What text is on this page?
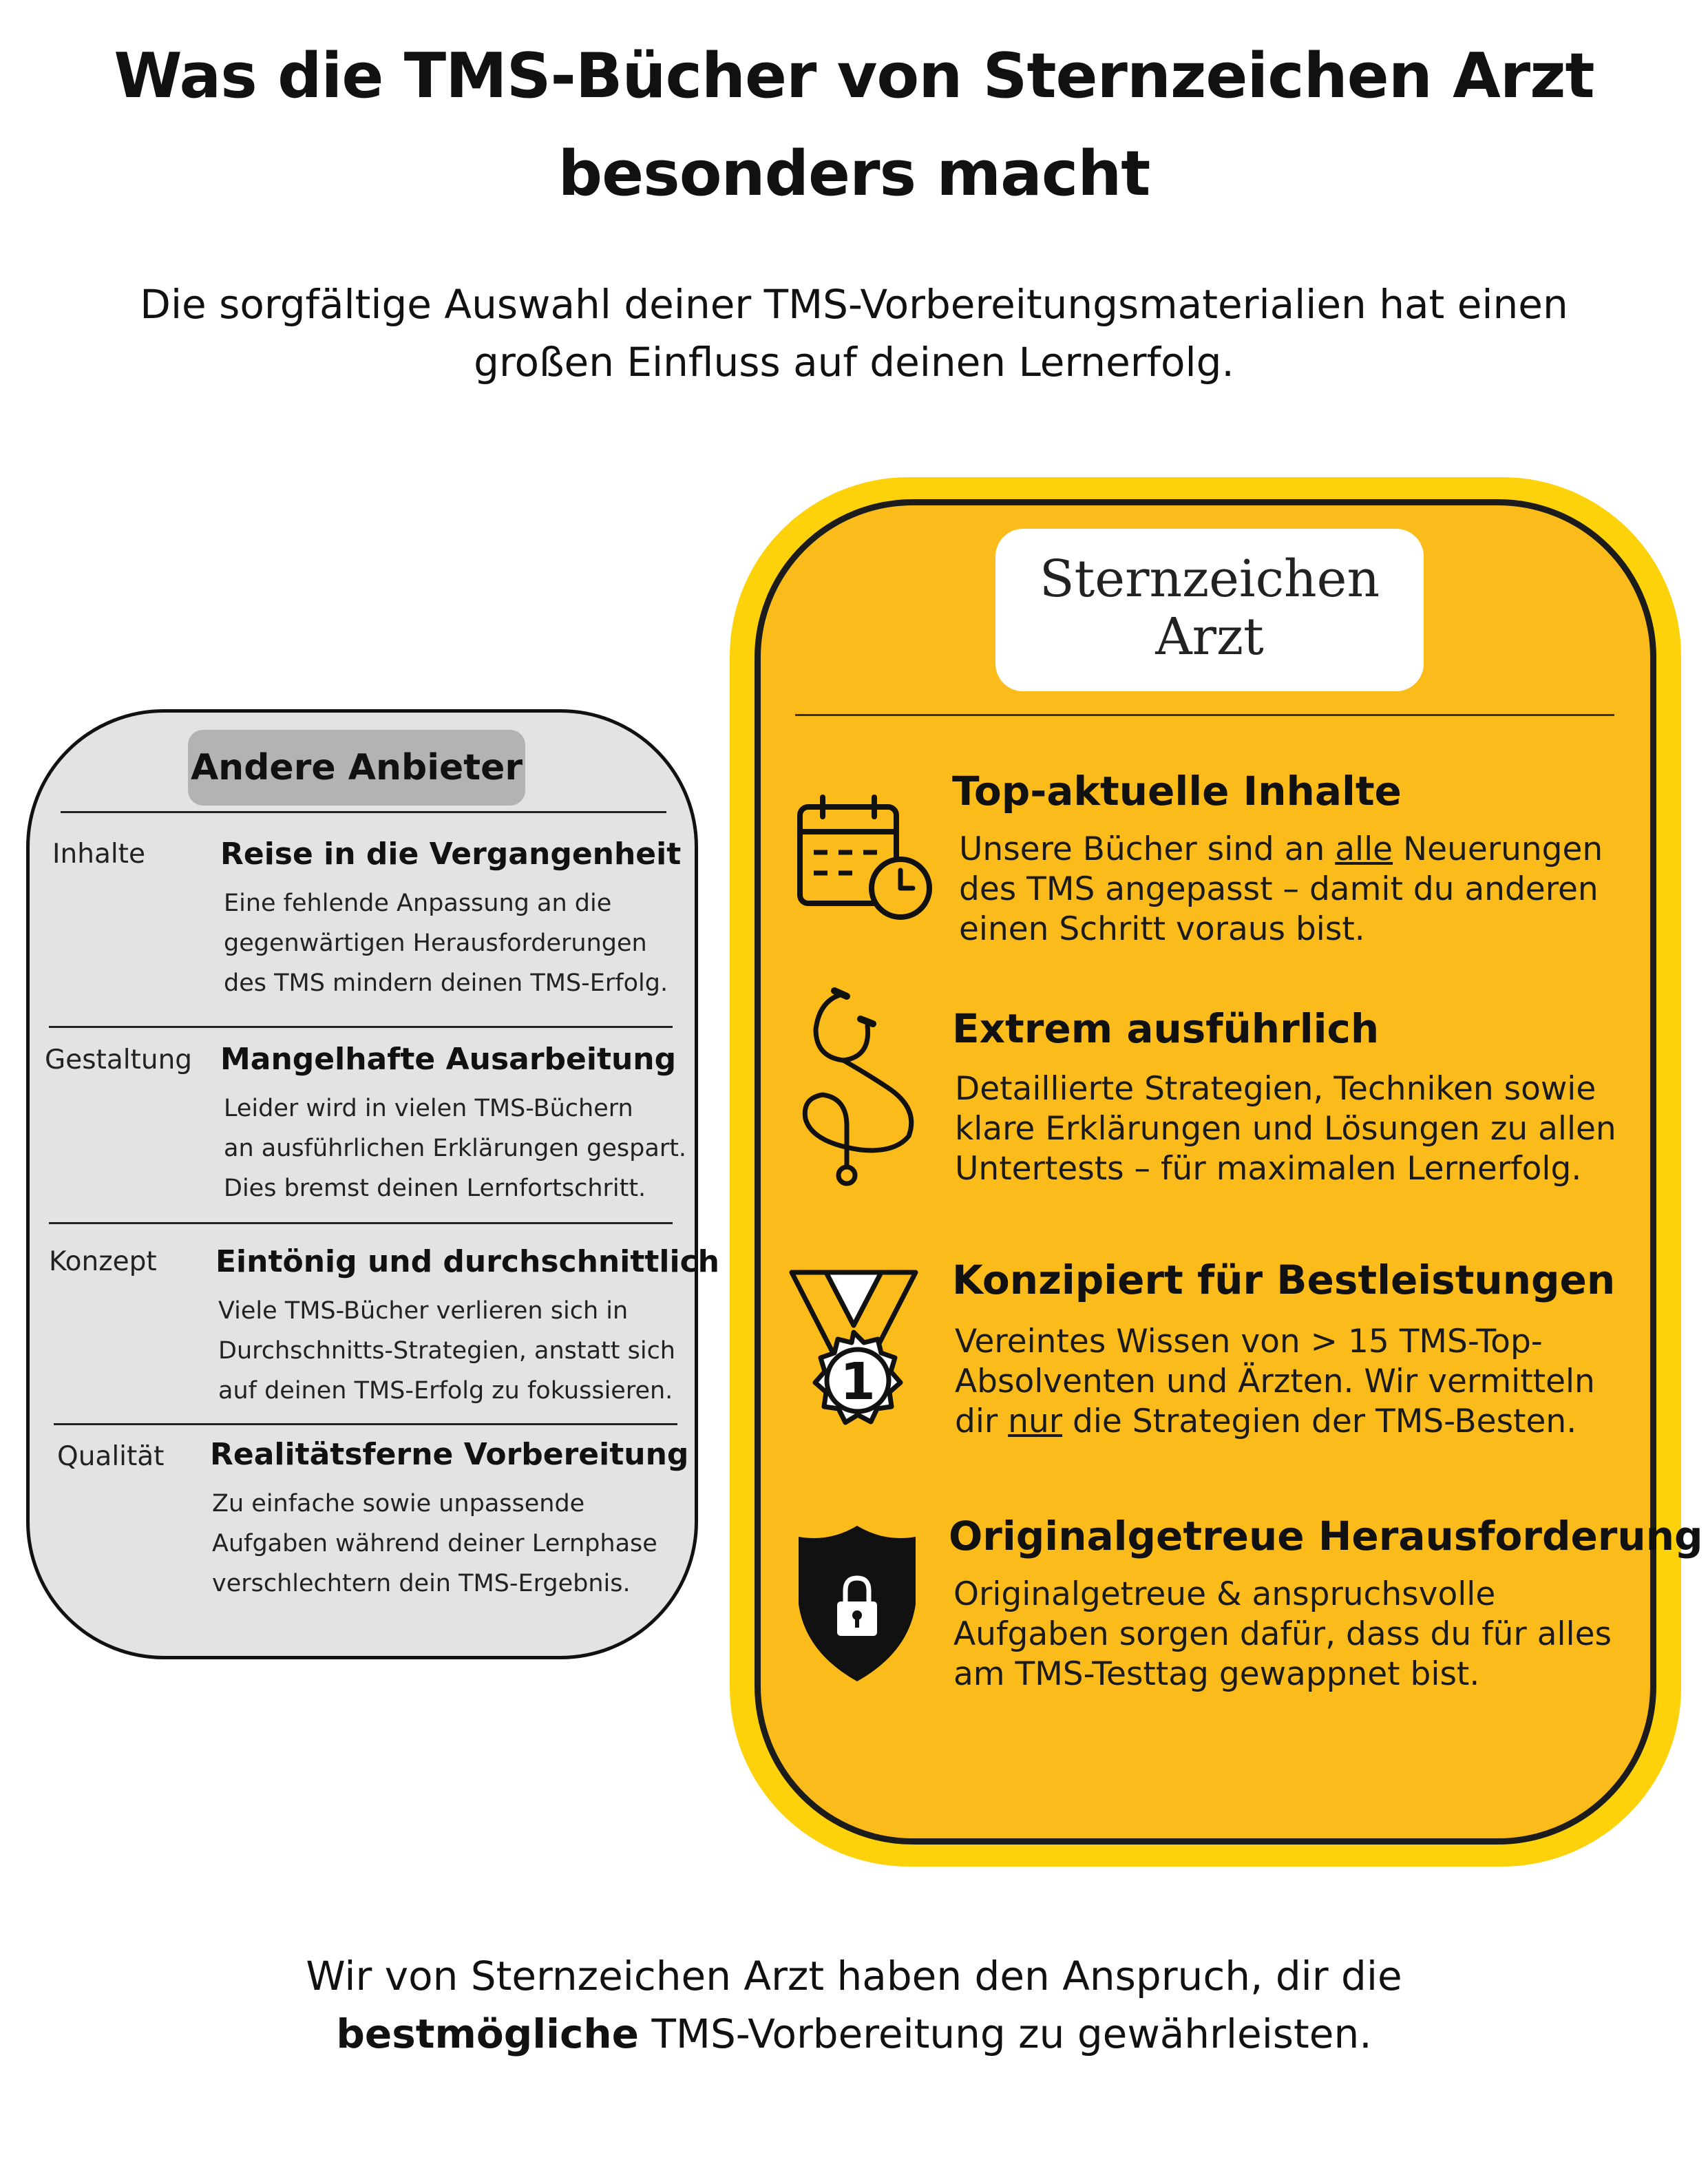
Was die TMS-Bücher von Sternzeichen Arzt
besonders macht

Die sorgfältige Auswahl deiner TMS-Vorbereitungsmaterialien hat einen
großen Einfluss auf deinen Lernerfolg.

Andere Anbieter
Inhalte Reise in die Vergangenheit

Eine fehlende Anpassung an die
gegenwärtigen Herausforderungen
des TMS mindern deinen TMS-Erfolg.

Gestaltung Mangelhafte Ausarbeitung

Leider wird in vielen TMS-Büchern
an ausführlichen Erklärungen gespart.
Dies bremst deinen Lernfortschritt.

Konzept Eintönig und durchschnittlich

Viele TMS-Bücher verlieren sich in
Durchschnitts-Strategien, anstatt sich
auf deinen TMS-Erfolg zu fokussieren.

Qualität Realitätsferne Vorbereitung

Zu einfache sowie unpassende
Aufgaben während deiner Lernphase
verschlechtern dein TMS-Ergebnis.

Sternzeichen
Arzt
Top-aktuelle Inhalte

Unsere Bücher sind an alle Neuerungen
des TMS angepasst – damit du anderen
einen Schritt voraus bist.

Extrem ausführlich

Detaillierte Strategien, Techniken sowie
klare Erklärungen und Lösungen zu allen
Untertests – für maximalen Lernerfolg.

1
Konzipiert für Bestleistungen

Vereintes Wissen von > 15 TMS-Top-
Absolventen und Ärzten. Wir vermitteln
dir nur die Strategien der TMS-Besten.

Originalgetreue Herausforderung

Originalgetreue & anspruchsvolle
Aufgaben sorgen dafür, dass du für alles
am TMS-Testtag gewappnet bist.

Wir von Sternzeichen Arzt haben den Anspruch, dir die
bestmögliche TMS-Vorbereitung zu gewährleisten.
